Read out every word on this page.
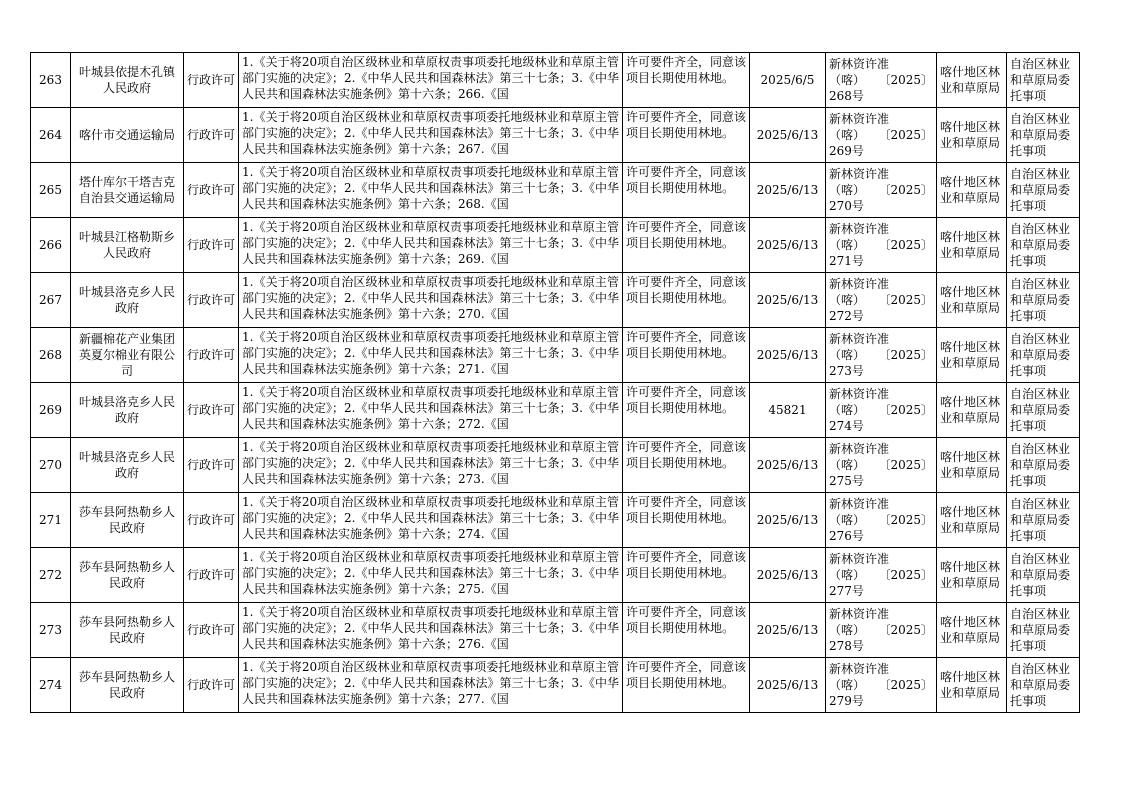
263	叶城县依提木孔镇人民政府	行政许可	1.《关于将20项自治区级林业和草原权责事项委托地级林业和草原主管部门实施的决定》；2.《中华人民共和国森林法》第三十七条；3.《中华人民共和国森林法实施条例》第十六条；266.《国	许可要件齐全，同意该项目长期使用林地。	2025/6/5	新林资许准
（喀） 〔2025〕
268号	喀什地区林业和草原局	自治区林业和草原局委托事项
264	喀什市交通运输局	行政许可	1.《关于将20项自治区级林业和草原权责事项委托地级林业和草原主管部门实施的决定》；2.《中华人民共和国森林法》第三十七条；3.《中华人民共和国森林法实施条例》第十六条；267.《国	许可要件齐全，同意该项目长期使用林地。	2025/6/13	新林资许准
（喀） 〔2025〕
269号	喀什地区林业和草原局	自治区林业和草原局委托事项
265	塔什库尔干塔吉克自治县交通运输局	行政许可	1.《关于将20项自治区级林业和草原权责事项委托地级林业和草原主管部门实施的决定》；2.《中华人民共和国森林法》第三十七条；3.《中华人民共和国森林法实施条例》第十六条；268.《国	许可要件齐全，同意该项目长期使用林地。	2025/6/13	新林资许准
（喀） 〔2025〕
270号	喀什地区林业和草原局	自治区林业和草原局委托事项
266	叶城县江格勒斯乡人民政府	行政许可	1.《关于将20项自治区级林业和草原权责事项委托地级林业和草原主管部门实施的决定》；2.《中华人民共和国森林法》第三十七条；3.《中华人民共和国森林法实施条例》第十六条；269.《国	许可要件齐全，同意该项目长期使用林地。	2025/6/13	新林资许准
（喀） 〔2025〕
271号	喀什地区林业和草原局	自治区林业和草原局委托事项
267	叶城县洛克乡人民政府	行政许可	1.《关于将20项自治区级林业和草原权责事项委托地级林业和草原主管部门实施的决定》；2.《中华人民共和国森林法》第三十七条；3.《中华人民共和国森林法实施条例》第十六条；270.《国	许可要件齐全，同意该项目长期使用林地。	2025/6/13	新林资许准
（喀） 〔2025〕
272号	喀什地区林业和草原局	自治区林业和草原局委托事项
268	新疆棉花产业集团英夏尔棉业有限公司	行政许可	1.《关于将20项自治区级林业和草原权责事项委托地级林业和草原主管部门实施的决定》；2.《中华人民共和国森林法》第三十七条；3.《中华人民共和国森林法实施条例》第十六条；271.《国	许可要件齐全，同意该项目长期使用林地。	2025/6/13	新林资许准
（喀） 〔2025〕
273号	喀什地区林业和草原局	自治区林业和草原局委托事项
269	叶城县洛克乡人民政府	行政许可	1.《关于将20项自治区级林业和草原权责事项委托地级林业和草原主管部门实施的决定》；2.《中华人民共和国森林法》第三十七条；3.《中华人民共和国森林法实施条例》第十六条；272.《国	许可要件齐全，同意该项目长期使用林地。	45821	新林资许准
（喀） 〔2025〕
274号	喀什地区林业和草原局	自治区林业和草原局委托事项
270	叶城县洛克乡人民政府	行政许可	1.《关于将20项自治区级林业和草原权责事项委托地级林业和草原主管部门实施的决定》；2.《中华人民共和国森林法》第三十七条；3.《中华人民共和国森林法实施条例》第十六条；273.《国	许可要件齐全，同意该项目长期使用林地。	2025/6/13	新林资许准
（喀） 〔2025〕
275号	喀什地区林业和草原局	自治区林业和草原局委托事项
271	莎车县阿热勒乡人民政府	行政许可	1.《关于将20项自治区级林业和草原权责事项委托地级林业和草原主管部门实施的决定》；2.《中华人民共和国森林法》第三十七条；3.《中华人民共和国森林法实施条例》第十六条；274.《国	许可要件齐全，同意该项目长期使用林地。	2025/6/13	新林资许准
（喀） 〔2025〕
276号	喀什地区林业和草原局	自治区林业和草原局委托事项
272	莎车县阿热勒乡人民政府	行政许可	1.《关于将20项自治区级林业和草原权责事项委托地级林业和草原主管部门实施的决定》；2.《中华人民共和国森林法》第三十七条；3.《中华人民共和国森林法实施条例》第十六条；275.《国	许可要件齐全，同意该项目长期使用林地。	2025/6/13	新林资许准
（喀） 〔2025〕
277号	喀什地区林业和草原局	自治区林业和草原局委托事项
273	莎车县阿热勒乡人民政府	行政许可	1.《关于将20项自治区级林业和草原权责事项委托地级林业和草原主管部门实施的决定》；2.《中华人民共和国森林法》第三十七条；3.《中华人民共和国森林法实施条例》第十六条；276.《国	许可要件齐全，同意该项目长期使用林地。	2025/6/13	新林资许准
（喀） 〔2025〕
278号	喀什地区林业和草原局	自治区林业和草原局委托事项
274	莎车县阿热勒乡人民政府	行政许可	1.《关于将20项自治区级林业和草原权责事项委托地级林业和草原主管部门实施的决定》；2.《中华人民共和国森林法》第三十七条；3.《中华人民共和国森林法实施条例》第十六条；277.《国	许可要件齐全，同意该项目长期使用林地。	2025/6/13	新林资许准
（喀） 〔2025〕
279号	喀什地区林业和草原局	自治区林业和草原局委托事项
